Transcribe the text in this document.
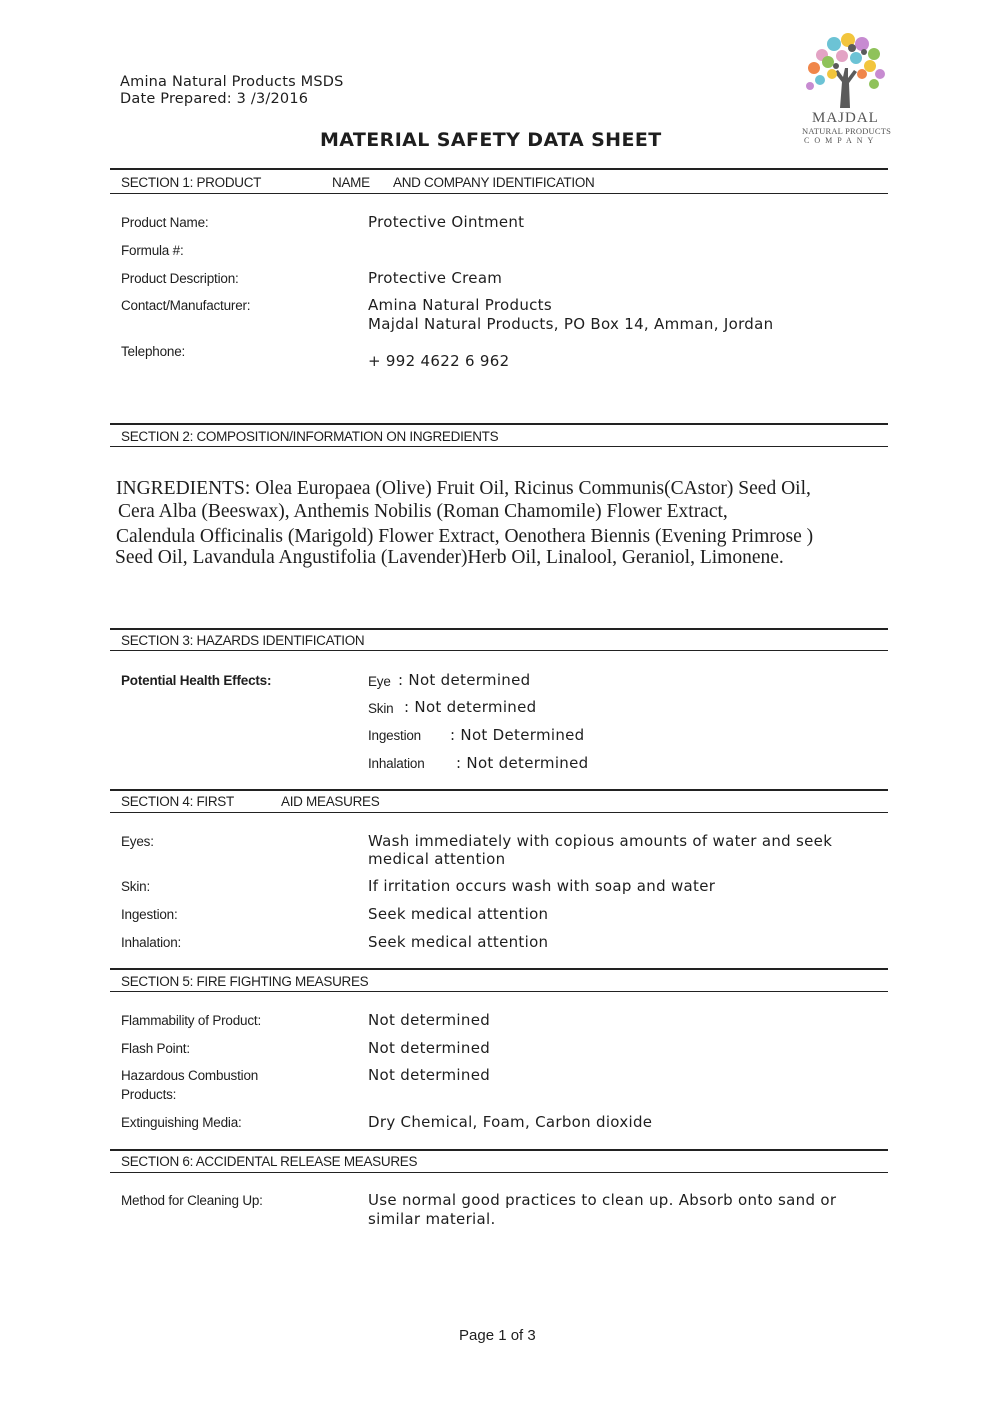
Amina Natural Products MSDS
Date Prepared: 3 /3/2016
MATERIAL SAFETY DATA SHEET
MAJDAL
NATURAL PRODUCTS
COMPANY
SECTION 1: PRODUCT	NAME AND COMPANY IDENTIFICATION
Product Name:	Protective Ointment
Formula #:
Product Description:	Protective Cream
Contact/Manufacturer:	Amina Natural Products
Majdal Natural Products, PO Box 14, Amman, Jordan
Telephone:
+ 992 4622 6 962
SECTION 2: COMPOSITION/INFORMATION ON INGREDIENTS
INGREDIENTS: Olea Europaea (Olive) Fruit Oil, Ricinus Communis(CAstor) Seed Oil,
Cera Alba (Beeswax), Anthemis Nobilis (Roman Chamomile) Flower Extract,
Calendula Officinalis (Marigold) Flower Extract, Oenothera Biennis (Evening Primrose )
Seed Oil, Lavandula Angustifolia (Lavender)Herb Oil, Linalool, Geraniol, Limonene.
SECTION 3: HAZARDS IDENTIFICATION
Potential Health Effects:	Eye : Not determined
Skin : Not determined
Ingestion : Not Determined
Inhalation : Not determined
SECTION 4: FIRST	AID MEASURES
Eyes:	Wash immediately with copious amounts of water and seek
medical attention
Skin:	If irritation occurs wash with soap and water
Ingestion:	Seek medical attention
Inhalation:	Seek medical attention
SECTION 5: FIRE FIGHTING MEASURES
Flammability of Product:	Not determined
Flash Point:	Not determined
Hazardous Combustion
Products:
Not determined
Extinguishing Media:	Dry Chemical, Foam, Carbon dioxide
SECTION 6: ACCIDENTAL RELEASE MEASURES
Method for Cleaning Up:	Use normal good practices to clean up. Absorb onto sand or
similar material.
Page 1 of 3
